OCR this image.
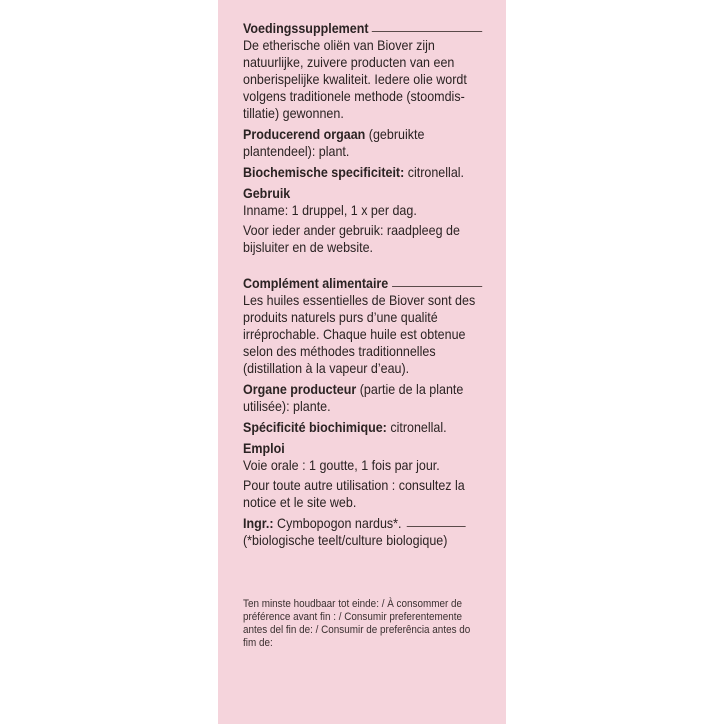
Voedingssupplement

De etherische oliën van Biover zijn natuurlijke, zuivere producten van een onberispelijke kwaliteit. Iedere olie wordt volgens traditionele methode (stoomdis-tillatie) gewonnen.

Producerend orgaan (gebruikte plantendeel): plant.

Biochemische specificiteit: citronellal.

Gebruik

Inname: 1 druppel, 1 x per dag.

Voor ieder ander gebruik: raadpleeg de bijsluiter en de website.

Complément alimentaire

Les huiles essentielles de Biover sont des produits naturels purs d’une qualité irréprochable. Chaque huile est obtenue selon des méthodes traditionnelles (distillation à la vapeur d’eau).

Organe producteur (partie de la plante utilisée): plante.

Spécificité biochimique: citronellal.

Emploi

Voie orale : 1 goutte, 1 fois par jour.

Pour toute autre utilisation : consultez la notice et le site web.

Ingr.: Cymbopogon nardus*.

(*biologische teelt/culture biologique)

Ten minste houdbaar tot einde: / À consommer de préférence avant fin : / Consumir preferentemente antes del fin de: / Consumir de preferência antes do fim de:
